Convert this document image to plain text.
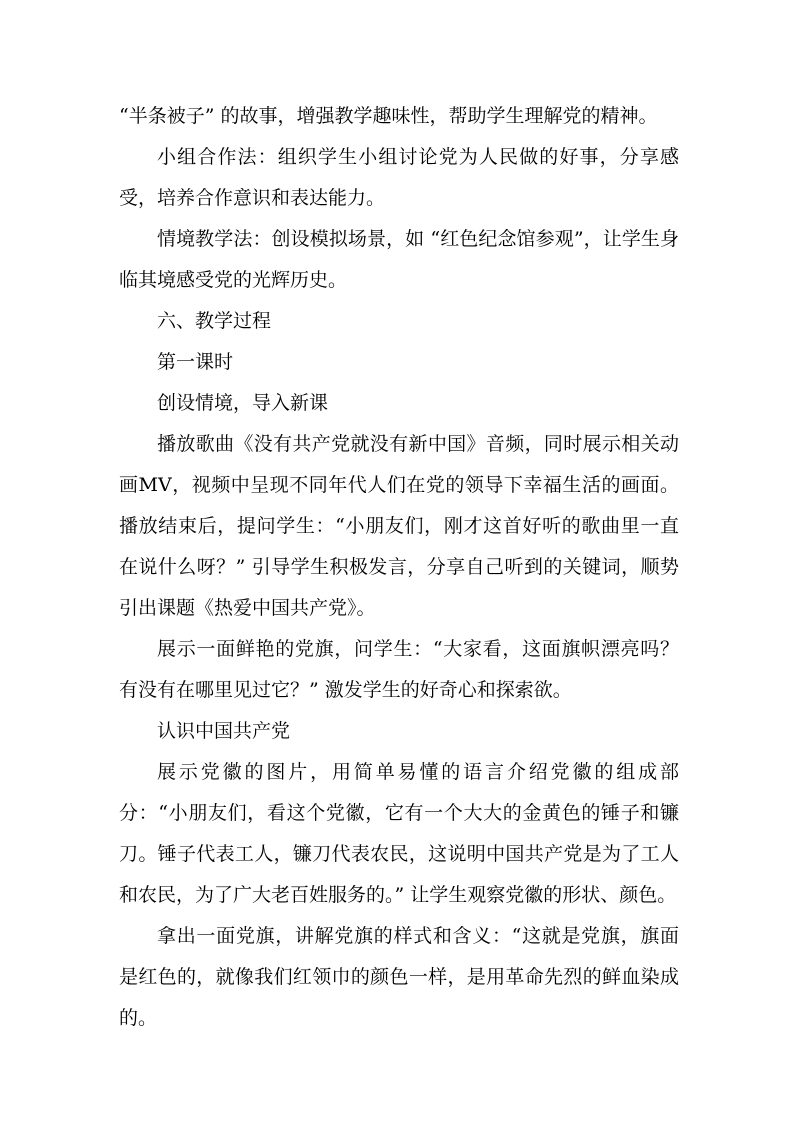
“半条被子” 的故事，增强教学趣味性，帮助学生理解党的精神。

小组合作法：组织学生小组讨论党为人民做的好事，分享感受，培养合作意识和表达能力。

情境教学法：创设模拟场景，如 “红色纪念馆参观”，让学生身临其境感受党的光辉历史。

六、教学过程

第一课时

创设情境，导入新课

播放歌曲《没有共产党就没有新中国》音频，同时展示相关动画MV，视频中呈现不同年代人们在党的领导下幸福生活的画面。播放结束后，提问学生：“小朋友们，刚才这首好听的歌曲里一直在说什么呀？” 引导学生积极发言，分享自己听到的关键词，顺势引出课题《热爱中国共产党》。

展示一面鲜艳的党旗，问学生：“大家看，这面旗帜漂亮吗？有没有在哪里见过它？” 激发学生的好奇心和探索欲。

认识中国共产党

展示党徽的图片，用简单易懂的语言介绍党徽的组成部分：“小朋友们，看这个党徽，它有一个大大的金黄色的锤子和镰刀。锤子代表工人，镰刀代表农民，这说明中国共产党是为了工人和农民，为了广大老百姓服务的。” 让学生观察党徽的形状、颜色。

拿出一面党旗，讲解党旗的样式和含义：“这就是党旗，旗面是红色的，就像我们红领巾的颜色一样，是用革命先烈的鲜血染成的。
